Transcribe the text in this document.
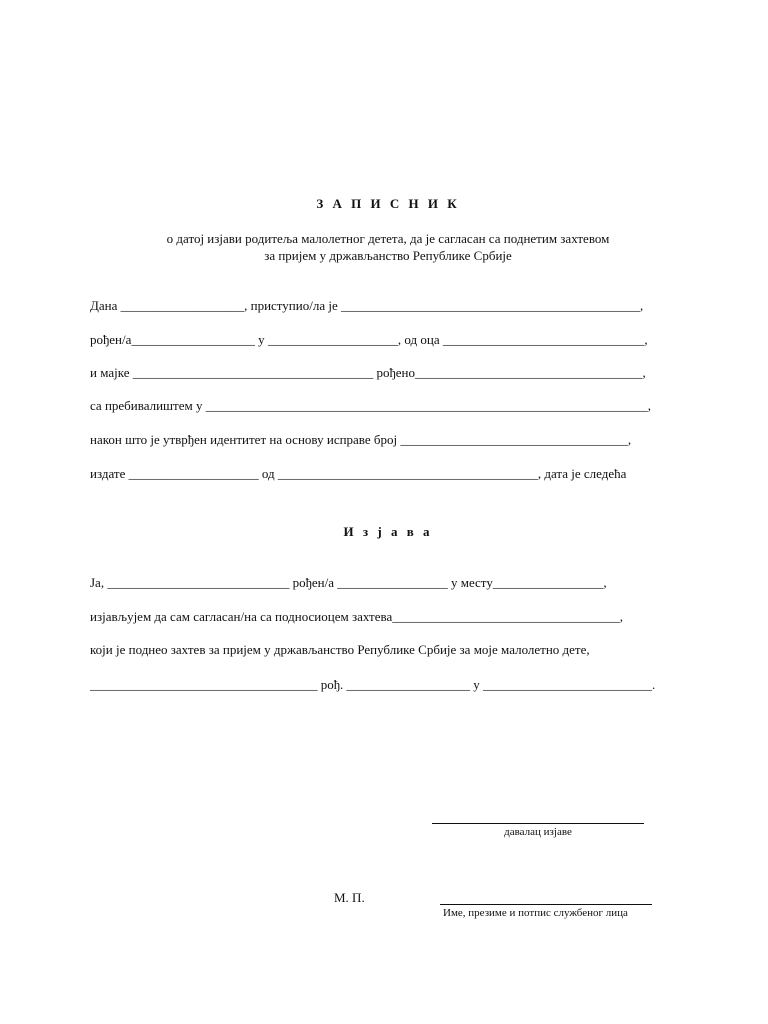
З А П И С Н И К
о датој изјави родитеља малолетног детета, да је сагласан са поднетим захтевом
за пријем у држављанство Републике Србије
Дана ___________________, приступио/ла је ______________________________________________,
рођен/а___________________ у ____________________, од оца _______________________________,
и мајке _____________________________________ рођено___________________________________,
са пребивалиштем у ____________________________________________________________________,
након што је утврђен идентитет на основу исправе број ___________________________________,
издате ____________________ од ________________________________________, дата је следећа
И з ј а в а
Ја, ____________________________ рођен/а _________________ у месту_________________,
изјављујем да сам сагласан/на са подносиоцем захтева___________________________________,
који је поднео захтев за пријем у држављанство Републике Србије за моје малолетно дете,
___________________________________ рођ. ___________________ у __________________________.
давалац изјаве
М. П.
Име, презиме и потпис службеног лица
